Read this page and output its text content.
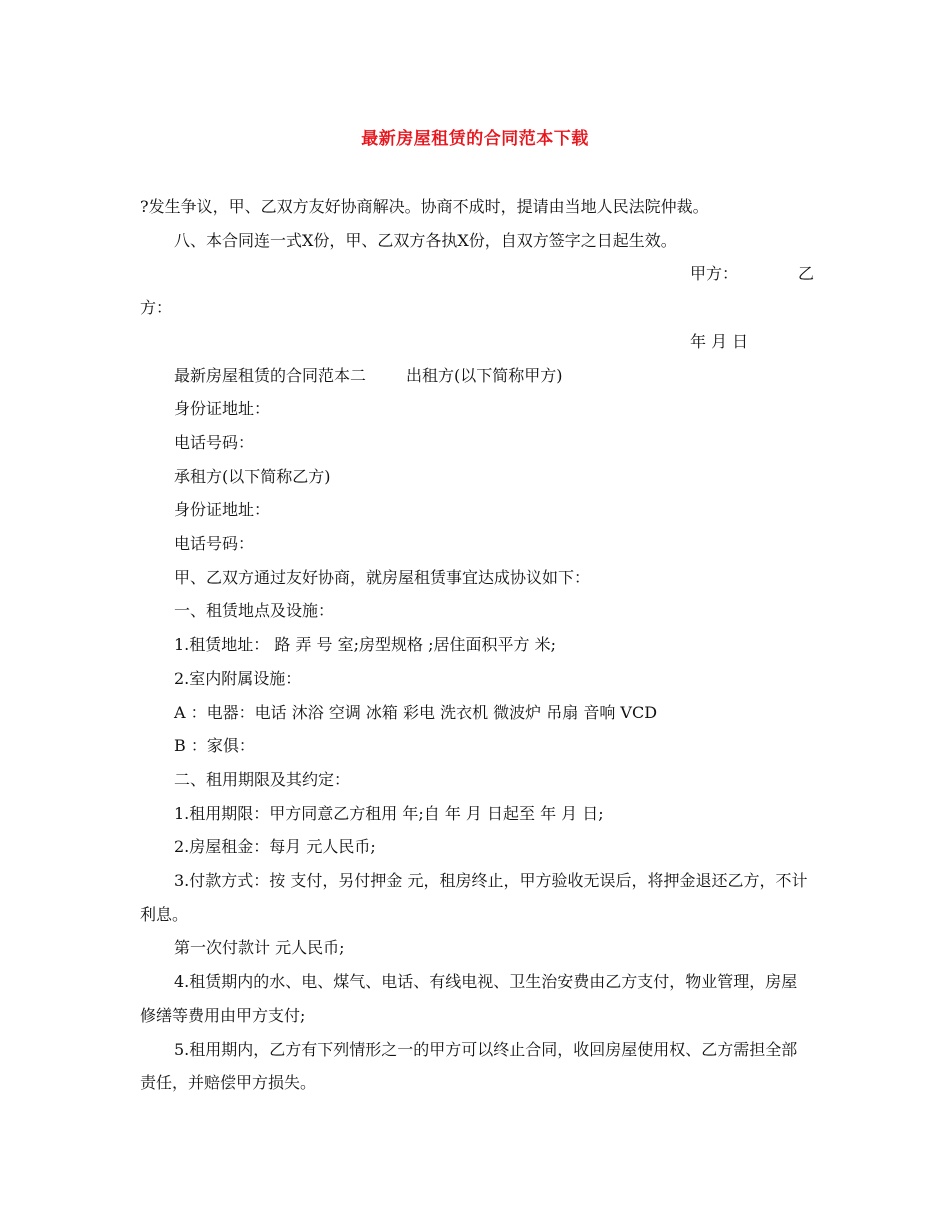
最新房屋租赁的合同范本下载

?发生争议，甲、乙双方友好协商解决。协商不成时，提请由当地人民法院仲裁。

八、本合同连一式X份，甲、乙双方各执X份，自双方签字之日起生效。

甲方：	乙

方：

年 月 日

最新房屋租赁的合同范本二	出租方(以下简称甲方)

身份证地址：

电话号码：

承租方(以下简称乙方)

身份证地址：

电话号码：

甲、乙双方通过友好协商，就房屋租赁事宜达成协议如下：

一、租赁地点及设施：

1.租赁地址： 路 弄 号 室;房型规格 ;居住面积平方 米;

2.室内附属设施：

A ：电器：电话 沐浴 空调 冰箱 彩电 洗衣机 微波炉 吊扇 音响 VCD

B ：家俱：

二、租用期限及其约定：

1.租用期限：甲方同意乙方租用 年;自 年 月 日起至 年 月 日;

2.房屋租金：每月 元人民币;

3.付款方式：按 支付，另付押金 元，租房终止，甲方验收无误后，将押金退还乙方，不计利息。

第一次付款计 元人民币;

4.租赁期内的水、电、煤气、电话、有线电视、卫生治安费由乙方支付，物业管理，房屋修缮等费用由甲方支付;

5.租用期内，乙方有下列情形之一的甲方可以终止合同，收回房屋使用权、乙方需担全部责任，并赔偿甲方损失。
